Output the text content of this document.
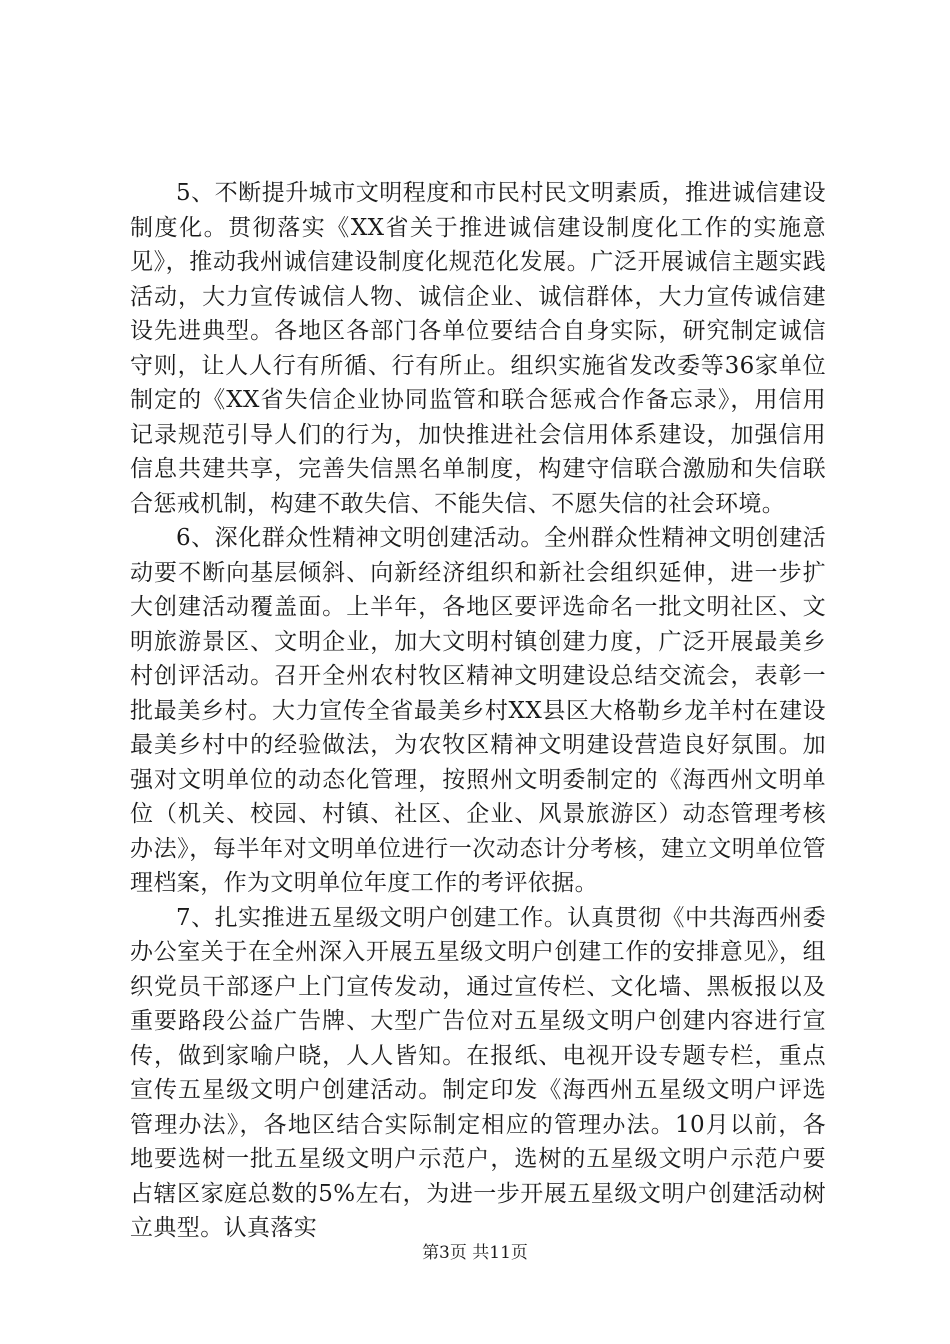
5、不断提升城市文明程度和市民村民文明素质，推进诚信建设制度化。贯彻落实《XX省关于推进诚信建设制度化工作的实施意见》，推动我州诚信建设制度化规范化发展。广泛开展诚信主题实践活动，大力宣传诚信人物、诚信企业、诚信群体，大力宣传诚信建设先进典型。各地区各部门各单位要结合自身实际，研究制定诚信守则，让人人行有所循、行有所止。组织实施省发改委等36家单位制定的《XX省失信企业协同监管和联合惩戒合作备忘录》，用信用记录规范引导人们的行为，加快推进社会信用体系建设，加强信用信息共建共享，完善失信黑名单制度，构建守信联合激励和失信联合惩戒机制，构建不敢失信、不能失信、不愿失信的社会环境。

6、深化群众性精神文明创建活动。全州群众性精神文明创建活动要不断向基层倾斜、向新经济组织和新社会组织延伸，进一步扩大创建活动覆盖面。上半年，各地区要评选命名一批文明社区、文明旅游景区、文明企业，加大文明村镇创建力度，广泛开展最美乡村创评活动。召开全州农村牧区精神文明建设总结交流会，表彰一批最美乡村。大力宣传全省最美乡村XX县区大格勒乡龙羊村在建设最美乡村中的经验做法，为农牧区精神文明建设营造良好氛围。加强对文明单位的动态化管理，按照州文明委制定的《海西州文明单位（机关、校园、村镇、社区、企业、风景旅游区）动态管理考核办法》，每半年对文明单位进行一次动态计分考核，建立文明单位管理档案，作为文明单位年度工作的考评依据。

7、扎实推进五星级文明户创建工作。认真贯彻《中共海西州委办公室关于在全州深入开展五星级文明户创建工作的安排意见》，组织党员干部逐户上门宣传发动，通过宣传栏、文化墙、黑板报以及重要路段公益广告牌、大型广告位对五星级文明户创建内容进行宣传，做到家喻户晓，人人皆知。在报纸、电视开设专题专栏，重点宣传五星级文明户创建活动。制定印发《海西州五星级文明户评选管理办法》，各地区结合实际制定相应的管理办法。10月以前，各地要选树一批五星级文明户示范户，选树的五星级文明户示范户要占辖区家庭总数的5%左右，为进一步开展五星级文明户创建活动树立典型。认真落实

第3页 共11页
